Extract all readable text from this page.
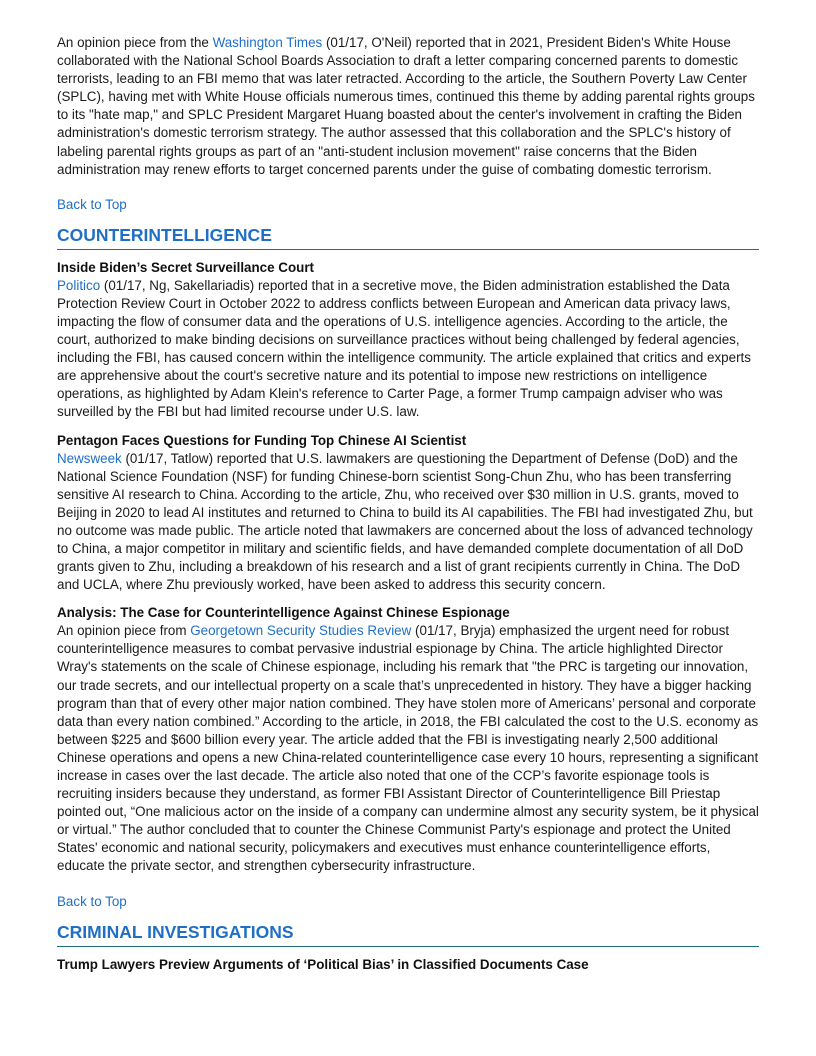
An opinion piece from the Washington Times (01/17, O'Neil) reported that in 2021, President Biden's White House collaborated with the National School Boards Association to draft a letter comparing concerned parents to domestic terrorists, leading to an FBI memo that was later retracted. According to the article, the Southern Poverty Law Center (SPLC), having met with White House officials numerous times, continued this theme by adding parental rights groups to its "hate map," and SPLC President Margaret Huang boasted about the center's involvement in crafting the Biden administration's domestic terrorism strategy. The author assessed that this collaboration and the SPLC's history of labeling parental rights groups as part of an "anti-student inclusion movement" raise concerns that the Biden administration may renew efforts to target concerned parents under the guise of combating domestic terrorism.

Back to Top
COUNTERINTELLIGENCE
Inside Biden’s Secret Surveillance Court

Politico (01/17, Ng, Sakellariadis) reported that in a secretive move, the Biden administration established the Data Protection Review Court in October 2022 to address conflicts between European and American data privacy laws, impacting the flow of consumer data and the operations of U.S. intelligence agencies. According to the article, the court, authorized to make binding decisions on surveillance practices without being challenged by federal agencies, including the FBI, has caused concern within the intelligence community. The article explained that critics and experts are apprehensive about the court's secretive nature and its potential to impose new restrictions on intelligence operations, as highlighted by Adam Klein's reference to Carter Page, a former Trump campaign adviser who was surveilled by the FBI but had limited recourse under U.S. law.

Pentagon Faces Questions for Funding Top Chinese AI Scientist

Newsweek (01/17, Tatlow) reported that U.S. lawmakers are questioning the Department of Defense (DoD) and the National Science Foundation (NSF) for funding Chinese-born scientist Song-Chun Zhu, who has been transferring sensitive AI research to China. According to the article, Zhu, who received over $30 million in U.S. grants, moved to Beijing in 2020 to lead AI institutes and returned to China to build its AI capabilities. The FBI had investigated Zhu, but no outcome was made public. The article noted that lawmakers are concerned about the loss of advanced technology to China, a major competitor in military and scientific fields, and have demanded complete documentation of all DoD grants given to Zhu, including a breakdown of his research and a list of grant recipients currently in China. The DoD and UCLA, where Zhu previously worked, have been asked to address this security concern.

Analysis: The Case for Counterintelligence Against Chinese Espionage

An opinion piece from Georgetown Security Studies Review (01/17, Bryja) emphasized the urgent need for robust counterintelligence measures to combat pervasive industrial espionage by China. The article highlighted Director Wray's statements on the scale of Chinese espionage, including his remark that "the PRC is targeting our innovation, our trade secrets, and our intellectual property on a scale that’s unprecedented in history. They have a bigger hacking program than that of every other major nation combined. They have stolen more of Americans’ personal and corporate data than every nation combined.” According to the article, in 2018, the FBI calculated the cost to the U.S. economy as between $225 and $600 billion every year. The article added that the FBI is investigating nearly 2,500 additional Chinese operations and opens a new China-related counterintelligence case every 10 hours, representing a significant increase in cases over the last decade. The article also noted that one of the CCP’s favorite espionage tools is recruiting insiders because they understand, as former FBI Assistant Director of Counterintelligence Bill Priestap pointed out, “One malicious actor on the inside of a company can undermine almost any security system, be it physical or virtual.” The author concluded that to counter the Chinese Communist Party's espionage and protect the United States' economic and national security, policymakers and executives must enhance counterintelligence efforts, educate the private sector, and strengthen cybersecurity infrastructure.

Back to Top
CRIMINAL INVESTIGATIONS
Trump Lawyers Preview Arguments of ‘Political Bias’ in Classified Documents Case
